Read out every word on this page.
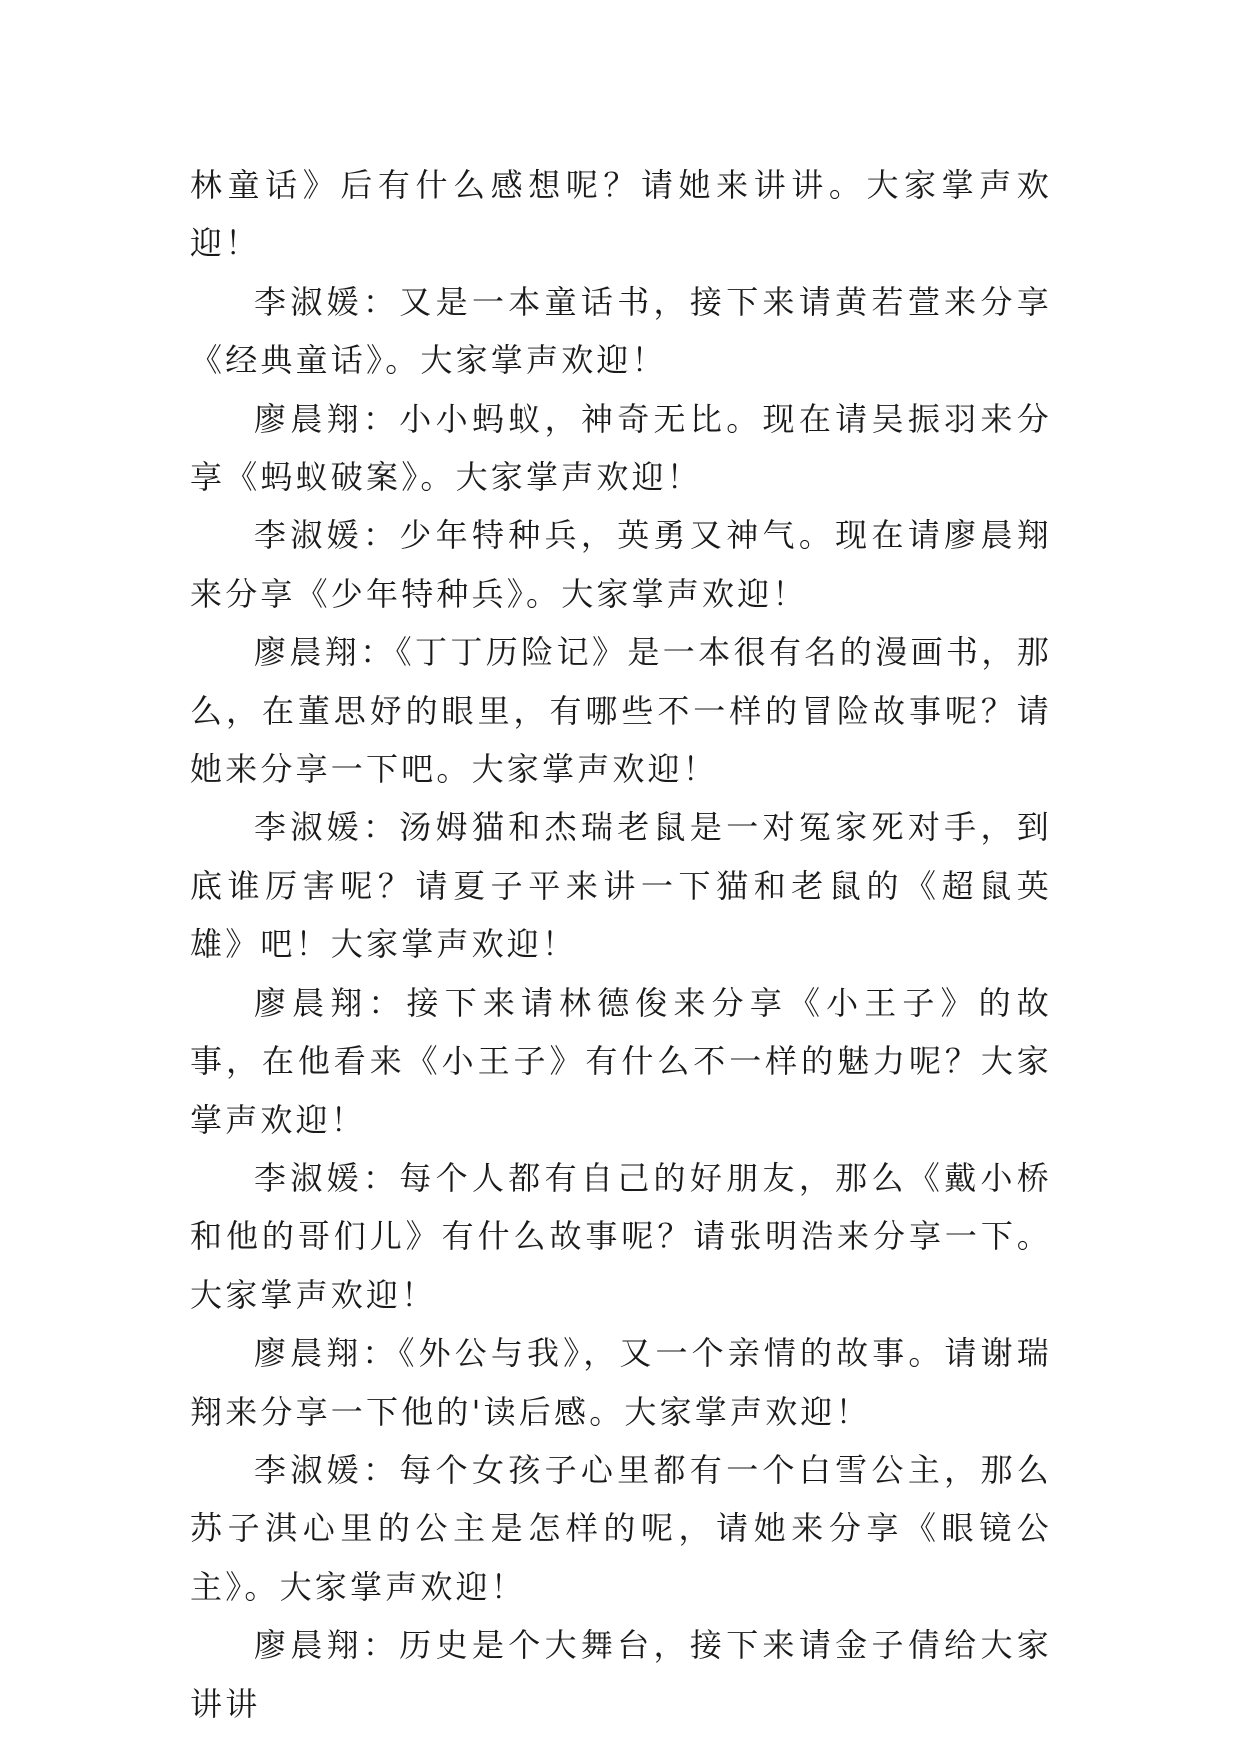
林童话》后有什么感想呢？请她来讲讲。大家掌声欢迎！

李淑媛：又是一本童话书，接下来请黄若萱来分享《经典童话》。大家掌声欢迎！

廖晨翔：小小蚂蚁，神奇无比。现在请吴振羽来分享《蚂蚁破案》。大家掌声欢迎！

李淑媛：少年特种兵，英勇又神气。现在请廖晨翔来分享《少年特种兵》。大家掌声欢迎！

廖晨翔：《丁丁历险记》是一本很有名的漫画书，那么，在董思妤的眼里，有哪些不一样的冒险故事呢？请她来分享一下吧。大家掌声欢迎！

李淑媛：汤姆猫和杰瑞老鼠是一对冤家死对手，到底谁厉害呢？请夏子平来讲一下猫和老鼠的《超鼠英雄》吧！大家掌声欢迎！

廖晨翔：接下来请林德俊来分享《小王子》的故事，在他看来《小王子》有什么不一样的魅力呢？大家掌声欢迎！

李淑媛：每个人都有自己的好朋友，那么《戴小桥和他的哥们儿》有什么故事呢？请张明浩来分享一下。大家掌声欢迎！

廖晨翔：《外公与我》，又一个亲情的故事。请谢瑞翔来分享一下他的'读后感。大家掌声欢迎！

李淑媛：每个女孩子心里都有一个白雪公主，那么苏子淇心里的公主是怎样的呢，请她来分享《眼镜公主》。大家掌声欢迎！

廖晨翔：历史是个大舞台，接下来请金子倩给大家讲讲
